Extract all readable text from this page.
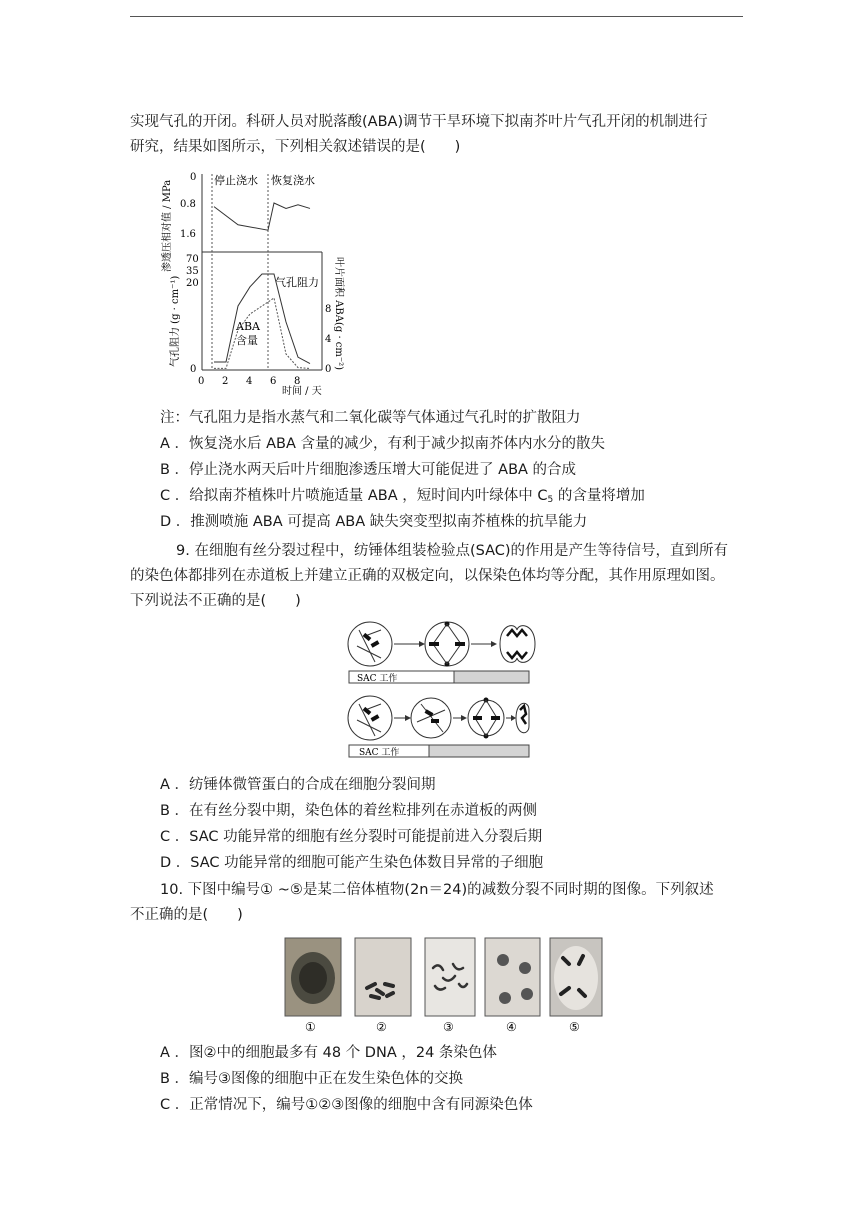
实现气孔的开闭。科研人员对脱落酸(ABA)调节干旱环境下拟南芥叶片气孔开闭的机制进行
研究，结果如图所示，下列相关叙述错误的是(　　)
停止浇水 恢复浇水
0
0.8
1.6
渗透压相对值 / MPa 70
35
20
0
8
4
0
气孔阻力 (g · cm⁻¹)	叶片面积 ABA(g · cm⁻²)
0 2 4 6 8
时间 / 天
气孔阻力
ABA
含量
注：气孔阻力是指水蒸气和二氧化碳等气体通过气孔时的扩散阻力
A ．恢复浇水后 ABA 含量的减少，有利于减少拟南芥体内水分的散失
B ．停止浇水两天后叶片细胞渗透压增大可能促进了 ABA 的合成
C ．给拟南芥植株叶片喷施适量 ABA ，短时间内叶绿体中 $C_5$ 的含量将增加
D ．推测喷施 ABA 可提高 ABA 缺失突变型拟南芥植株的抗旱能力
9. 在细胞有丝分裂过程中，纺锤体组装检验点(SAC)的作用是产生等待信号，直到所有
的染色体都排列在赤道板上并建立正确的双极定向，以保染色体均等分配，其作用原理如图。
下列说法不正确的是(　　)
SAC 工作
SAC 工作
A ．纺锤体微管蛋白的合成在细胞分裂间期
B ．在有丝分裂中期，染色体的着丝粒排列在赤道板的两侧
C ．SAC 功能异常的细胞有丝分裂时可能提前进入分裂后期
D ．SAC 功能异常的细胞可能产生染色体数目异常的子细胞
10. 下图中编号① ~⑤是某二倍体植物(2n＝24)的减数分裂不同时期的图像。下列叙述
不正确的是(　　)
①	②	③	④	⑤
A ．图②中的细胞最多有 48 个 DNA ，24 条染色体
B ．编号③图像的细胞中正在发生染色体的交换
C ．正常情况下，编号①②③图像的细胞中含有同源染色体
